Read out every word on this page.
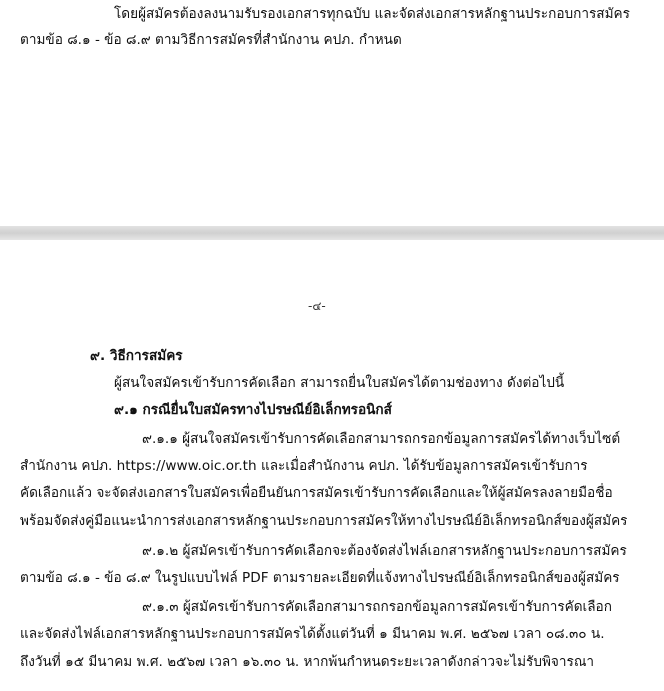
โดยผู้สมัครต้องลงนามรับรองเอกสารทุกฉบับ และจัดส่งเอกสารหลักฐานประกอบการสมัคร
ตามข้อ ๘.๑ - ข้อ ๘.๙ ตามวิธีการสมัครที่สำนักงาน คปภ. กำหนด
-๔-
๙. วิธีการสมัคร
ผู้สนใจสมัครเข้ารับการคัดเลือก สามารถยื่นใบสมัครได้ตามช่องทาง ดังต่อไปนี้
๙.๑ กรณียื่นใบสมัครทางไปรษณีย์อิเล็กทรอนิกส์
๙.๑.๑ ผู้สนใจสมัครเข้ารับการคัดเลือกสามารถกรอกข้อมูลการสมัครได้ทางเว็บไซต์
สำนักงาน คปภ. https://www.oic.or.th และเมื่อสำนักงาน คปภ. ได้รับข้อมูลการสมัครเข้ารับการ
คัดเลือกแล้ว จะจัดส่งเอกสารใบสมัครเพื่อยืนยันการสมัครเข้ารับการคัดเลือกและให้ผู้สมัครลงลายมือชื่อ
พร้อมจัดส่งคู่มือแนะนำการส่งเอกสารหลักฐานประกอบการสมัครให้ทางไปรษณีย์อิเล็กทรอนิกส์ของผู้สมัคร
๙.๑.๒ ผู้สมัครเข้ารับการคัดเลือกจะต้องจัดส่งไฟล์เอกสารหลักฐานประกอบการสมัคร
ตามข้อ ๘.๑ - ข้อ ๘.๙ ในรูปแบบไฟล์ PDF ตามรายละเอียดที่แจ้งทางไปรษณีย์อิเล็กทรอนิกส์ของผู้สมัคร
๙.๑.๓ ผู้สมัครเข้ารับการคัดเลือกสามารถกรอกข้อมูลการสมัครเข้ารับการคัดเลือก
และจัดส่งไฟล์เอกสารหลักฐานประกอบการสมัครได้ตั้งแต่วันที่ ๑ มีนาคม พ.ศ. ๒๕๖๗ เวลา ๐๘.๓๐ น.
ถึงวันที่ ๑๕ มีนาคม พ.ศ. ๒๕๖๗ เวลา ๑๖.๓๐ น. หากพ้นกำหนดระยะเวลาดังกล่าวจะไม่รับพิจารณา
